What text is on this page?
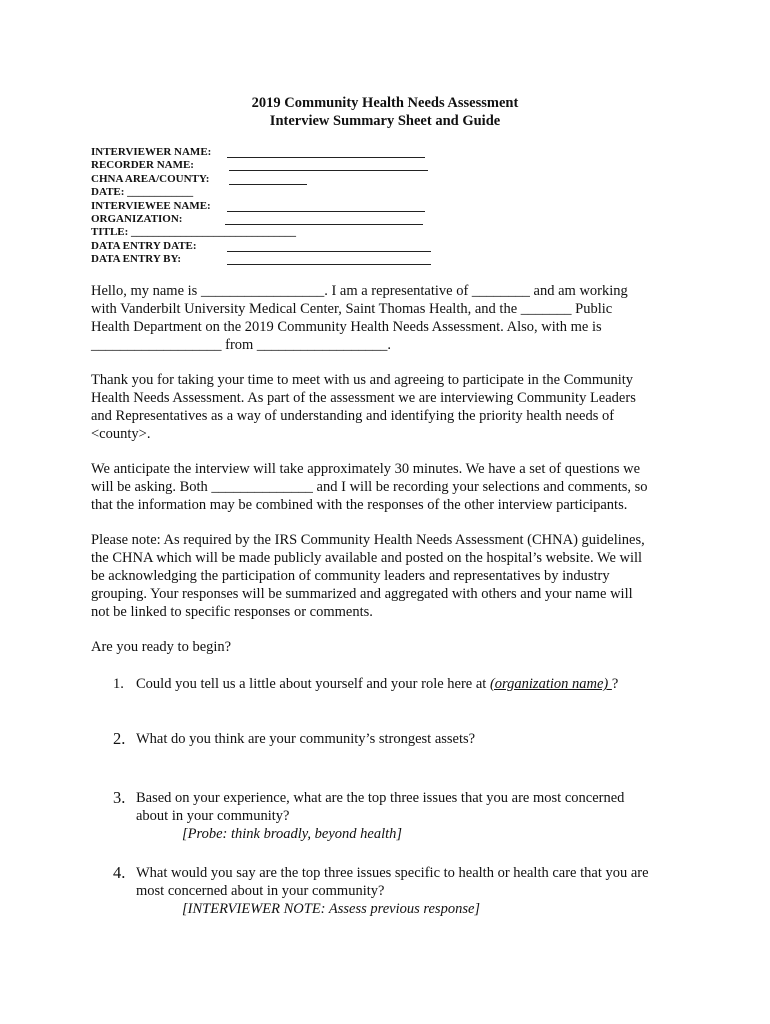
2019 Community Health Needs Assessment
Interview Summary Sheet and Guide
INTERVIEWER NAME:
RECORDER NAME:
CHNA AREA/COUNTY:
DATE: ____________
INTERVIEWEE NAME:
ORGANIZATION:
TITLE: ______________________________
DATA ENTRY DATE:
DATA ENTRY BY:
Hello, my name is _________________. I am a representative of ________ and am working
with Vanderbilt University Medical Center, Saint Thomas Health, and the _______ Public
Health Department on the 2019 Community Health Needs Assessment. Also, with me is
__________________ from __________________.
Thank you for taking your time to meet with us and agreeing to participate in the Community
Health Needs Assessment. As part of the assessment we are interviewing Community Leaders
and Representatives as a way of understanding and identifying the priority health needs of
<county>.
We anticipate the interview will take approximately 30 minutes. We have a set of questions we
will be asking. Both ______________ and I will be recording your selections and comments, so
that the information may be combined with the responses of the other interview participants.
Please note: As required by the IRS Community Health Needs Assessment (CHNA) guidelines,
the CHNA which will be made publicly available and posted on the hospital’s website. We will
be acknowledging the participation of community leaders and representatives by industry
grouping. Your responses will be summarized and aggregated with others and your name will
not be linked to specific responses or comments.
Are you ready to begin?
1. Could you tell us a little about yourself and your role here at (organization name) ?
2. What do you think are your community’s strongest assets?
3. Based on your experience, what are the top three issues that you are most concerned
about in your community?
[Probe: think broadly, beyond health]
4. What would you say are the top three issues specific to health or health care that you are
most concerned about in your community?
[INTERVIEWER NOTE: Assess previous response]
